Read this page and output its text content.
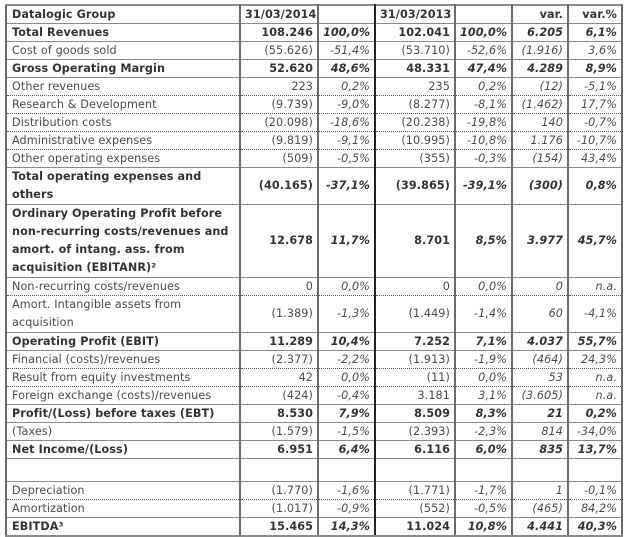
Datalogic Group	31/03/2014		31/03/2013		var.	var.%
Total Revenues	108.246	100,0%	102.041	100,0%	6.205	6,1%
Cost of goods sold	(55.626)	-51,4%	(53.710)	-52,6%	(1.916)	3,6%
Gross Operating Margin	52.620	48,6%	48.331	47,4%	4.289	8,9%
Other revenues	223	0,2%	235	0,2%	(12)	-5,1%
Research & Development	(9.739)	-9,0%	(8.277)	-8,1%	(1.462)	17,7%
Distribution costs	(20.098)	-18,6%	(20.238)	-19,8%	140	-0,7%
Administrative expenses	(9.819)	-9,1%	(10.995)	-10,8%	1.176	-10,7%
Other operating expenses	(509)	-0,5%	(355)	-0,3%	(154)	43,4%
Total operating expenses and others	(40.165)	-37,1%	(39.865)	-39,1%	(300)	0,8%
Ordinary Operating Profit before non-recurring costs/revenues and amort. of intang. ass. from acquisition (EBITANR)²	12.678	11,7%	8.701	8,5%	3.977	45,7%
Non-recurring costs/revenues	0	0,0%	0	0,0%	0	n.a.
Amort. Intangible assets from acquisition	(1.389)	-1,3%	(1.449)	-1,4%	60	-4,1%
Operating Profit (EBIT)	11.289	10,4%	7.252	7,1%	4.037	55,7%
Financial (costs)/revenues	(2.377)	-2,2%	(1.913)	-1,9%	(464)	24,3%
Result from equity investments	42	0,0%	(11)	0,0%	53	n.a.
Foreign exchange (costs)/revenues	(424)	-0,4%	3.181	3,1%	(3.605)	n.a.
Profit/(Loss) before taxes (EBT)	8.530	7,9%	8.509	8,3%	21	0,2%
(Taxes)	(1.579)	-1,5%	(2.393)	-2,3%	814	-34,0%
Net Income/(Loss)	6.951	6,4%	6.116	6,0%	835	13,7%

Depreciation	(1.770)	-1,6%	(1.771)	-1,7%	1	-0,1%
Amortization	(1.017)	-0,9%	(552)	-0,5%	(465)	84,2%
EBITDA³	15.465	14,3%	11.024	10,8%	4.441	40,3%
